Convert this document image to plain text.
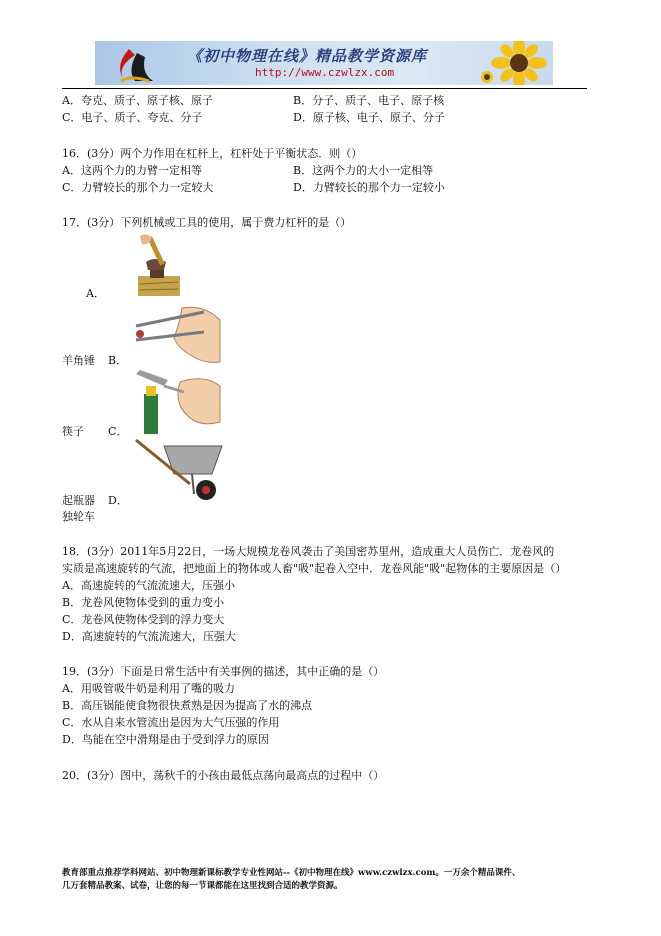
《初中物理在线》精品教学资源库
http://www.czwlzx.com
A．夸克、质子、原子核、原子	B．分子、质子、电子、原子核
C．电子、质子、夸克、分子	D．原子核、电子、原子、分子
16．(3分）两个力作用在杠杆上，杠杆处于平衡状态．则（）
A．这两个力的力臂一定相等	B．这两个力的大小一定相等
C．力臂较长的那个力一定较大	D．力臂较长的那个力一定较小
17．(3分）下列机械或工具的使用，属于费力杠杆的是（）
A．
羊角锤 B．
筷子 C．
起瓶器 D．
独轮车
18．(3分）2011年5月22日，一场大规模龙卷风袭击了美国密苏里州，造成重大人员伤亡．龙卷风的
实质是高速旋转的气流，把地面上的物体或人畜"吸"起卷入空中．龙卷风能"吸"起物体的主要原因是（）
A．高速旋转的气流流速大，压强小
B．龙卷风使物体受到的重力变小
C．龙卷风使物体受到的浮力变大
D．高速旋转的气流流速大，压强大
19．(3分）下面是日常生活中有关事例的描述，其中正确的是（）
A．用吸管吸牛奶是利用了嘴的吸力
B．高压锅能使食物很快煮熟是因为提高了水的沸点
C．水从自来水管流出是因为大气压强的作用
D．鸟能在空中滑翔是由于受到浮力的原因
20．(3分）图中，荡秋千的小孩由最低点荡向最高点的过程中（）
教育部重点推荐学科网站、初中物理新课标教学专业性网站--《初中物理在线》www.czwlzx.com。一万余个精品课件、
几万套精品教案、试卷，让您的每一节课都能在这里找到合适的教学资源。
